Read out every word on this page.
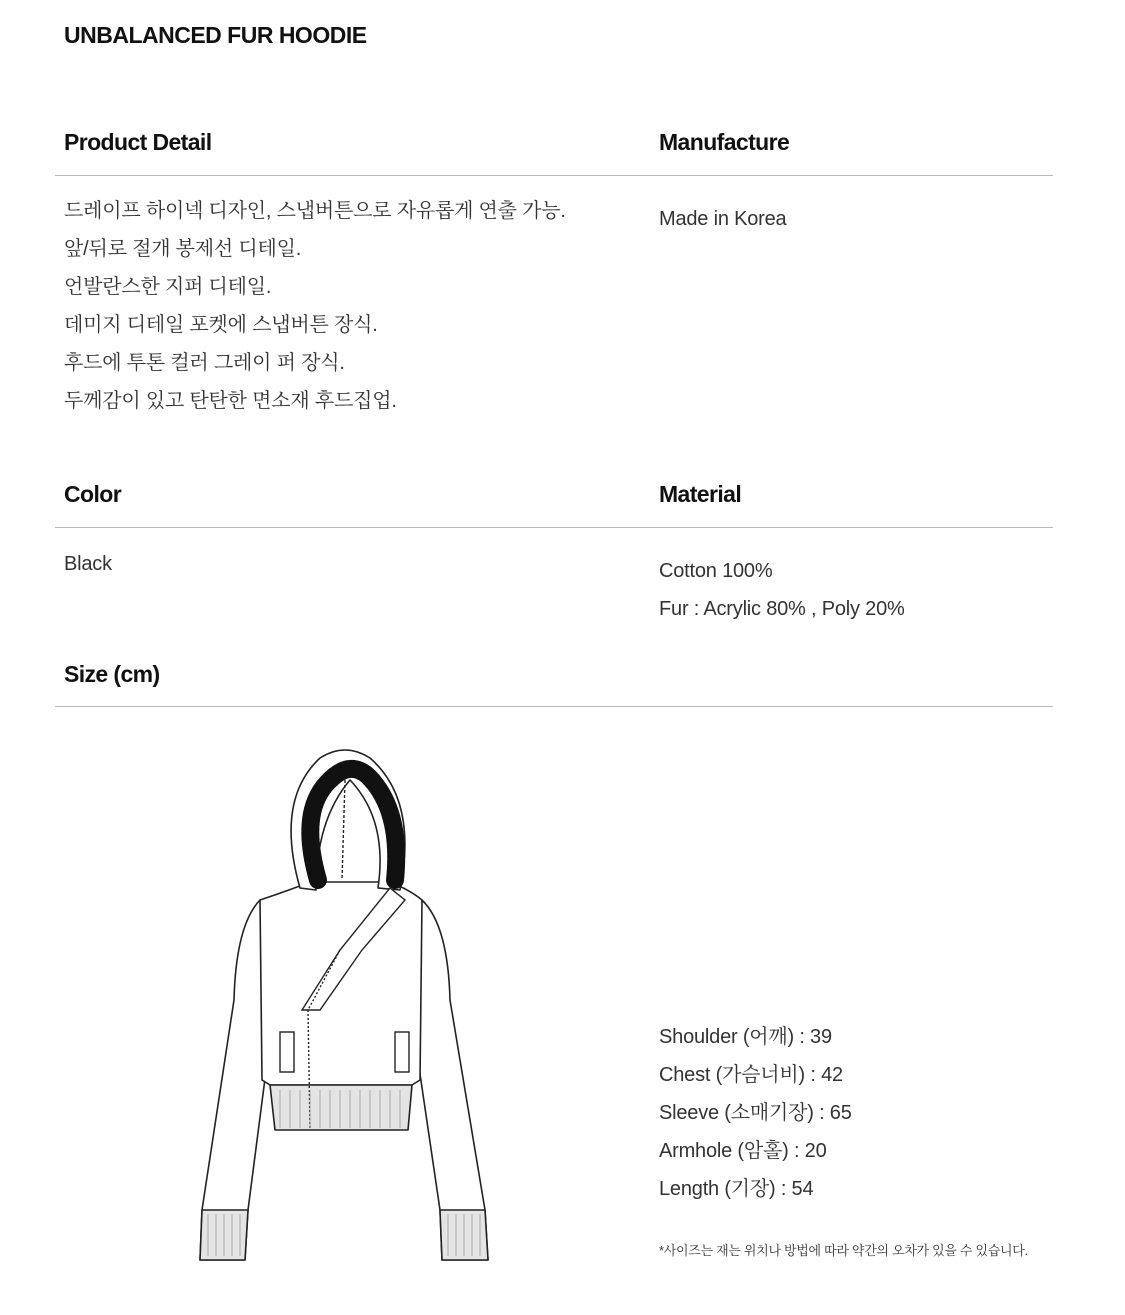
UNBALANCED FUR HOODIE
Product Detail	Manufacture
드레이프 하이넥 디자인, 스냅버튼으로 자유롭게 연출 가능.
앞/뒤로 절개 봉제선 디테일.
언발란스한 지퍼 디테일.
데미지 디테일 포켓에 스냅버튼 장식.
후드에 투톤 컬러 그레이 퍼 장식.
두께감이 있고 탄탄한 면소재 후드집업.
Made in Korea
Color	Material
Black	Cotton 100%
Fur : Acrylic 80% , Poly 20%
Size (cm)
Shoulder (어깨) : 39
Chest (가슴너비) : 42
Sleeve (소매기장) : 65
Armhole (암홀) : 20
Length (기장) : 54
*사이즈는 재는 위치나 방법에 따라 약간의 오차가 있을 수 있습니다.
